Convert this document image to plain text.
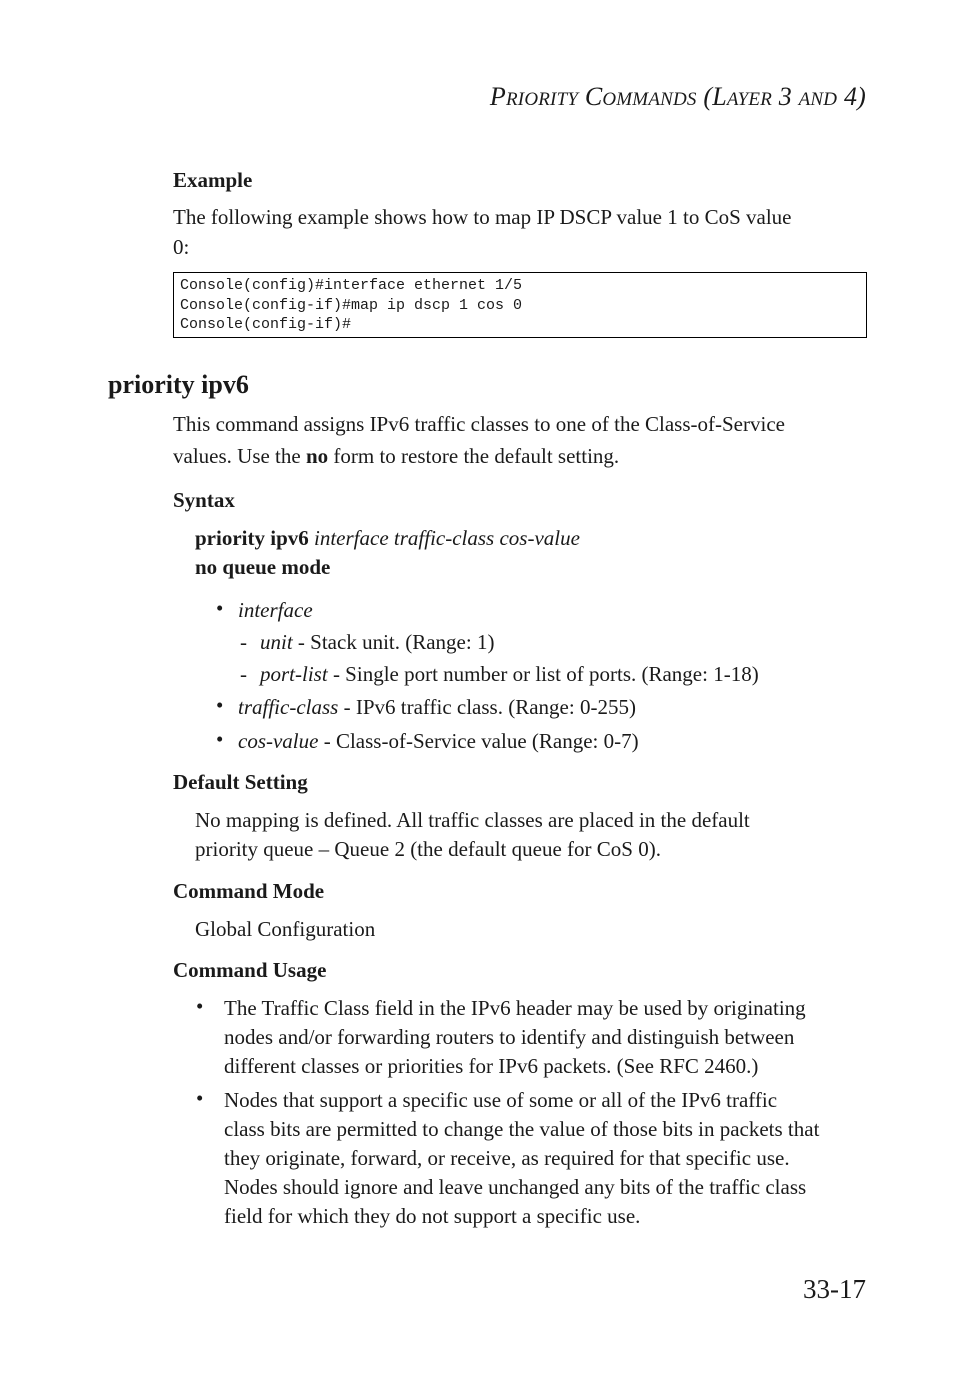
PRIORITY COMMANDS (LAYER 3 AND 4)
Example
The following example shows how to map IP DSCP value 1 to CoS value
0:
Console(config)#interface ethernet 1/5
Console(config-if)#map ip dscp 1 cos 0
Console(config-if)#
priority ipv6
This command assigns IPv6 traffic classes to one of the Class-of-Service
values. Use the no form to restore the default setting.
Syntax
priority ipv6 interface traffic-class cos-value
no queue mode
• interface
- unit - Stack unit. (Range: 1)
- port-list - Single port number or list of ports. (Range: 1-18)
• traffic-class - IPv6 traffic class. (Range: 0-255)
• cos-value - Class-of-Service value (Range: 0-7)
Default Setting
No mapping is defined. All traffic classes are placed in the default
priority queue – Queue 2 (the default queue for CoS 0).
Command Mode
Global Configuration
Command Usage
• The Traffic Class field in the IPv6 header may be used by originating
nodes and/or forwarding routers to identify and distinguish between
different classes or priorities for IPv6 packets. (See RFC 2460.)
• Nodes that support a specific use of some or all of the IPv6 traffic
class bits are permitted to change the value of those bits in packets that
they originate, forward, or receive, as required for that specific use.
Nodes should ignore and leave unchanged any bits of the traffic class
field for which they do not support a specific use.
33-17
